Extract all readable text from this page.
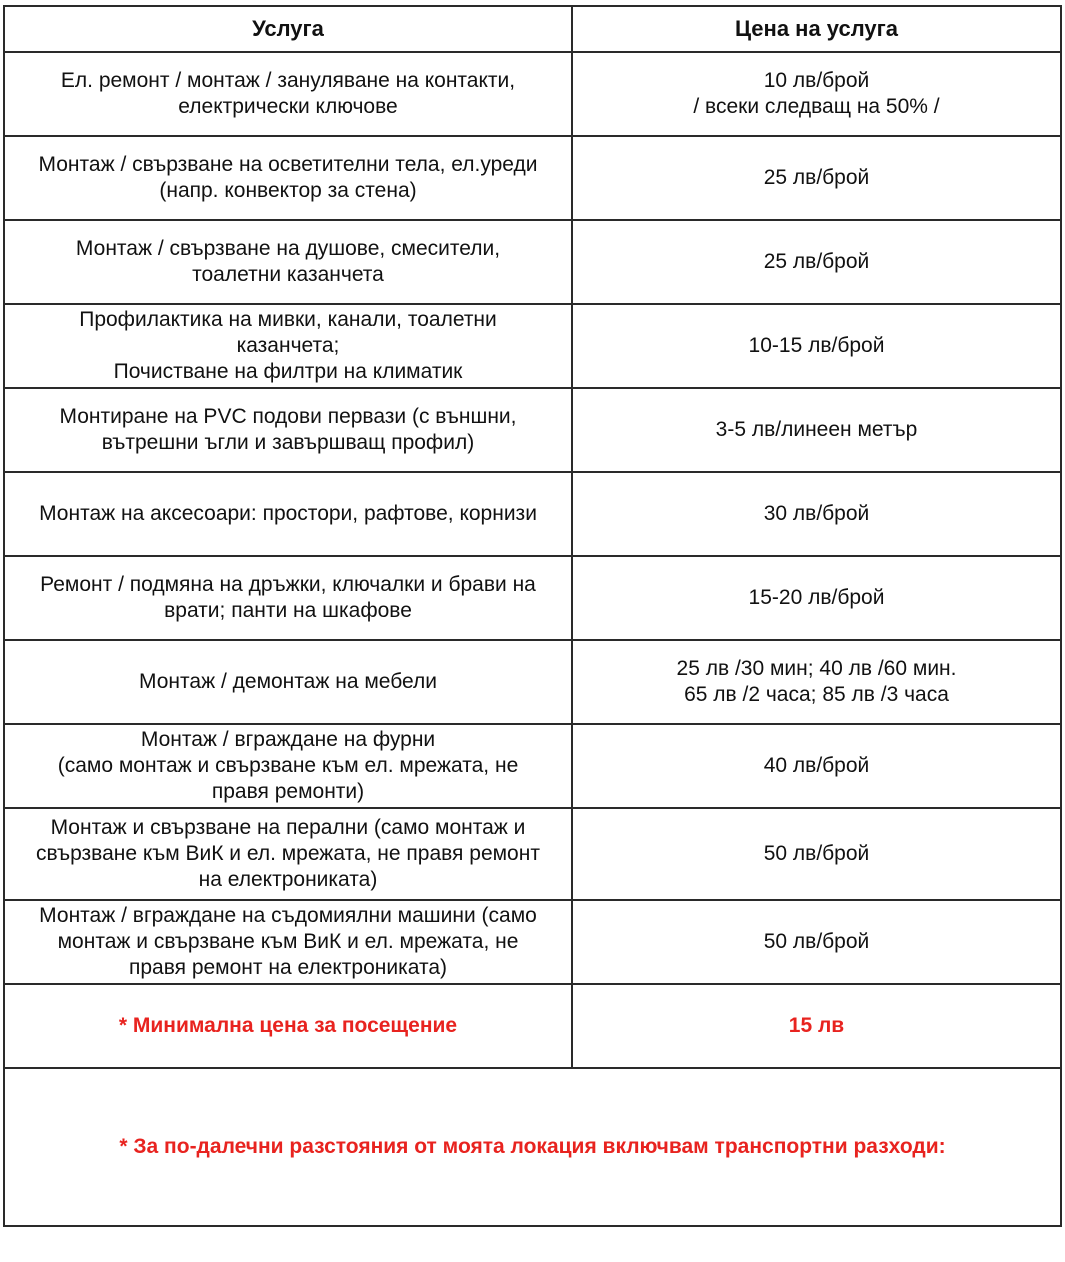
Услуга	Цена на услуга
Ел. ремонт / монтаж / зануляване на контакти,
електрически ключове	10 лв/брой
/ всеки следващ на 50% /
Монтаж / свързване на осветителни тела, ел.уреди
(напр. конвектор за стена)	25 лв/брой
Монтаж / свързване на душове, смесители,
тоалетни казанчета	25 лв/брой
Профилактика на мивки, канали, тоалетни
казанчета;
Почистване на филтри на климатик	10-15 лв/брой
Монтиране на PVC подови первази (с външни,
вътрешни ъгли и завършващ профил)	3-5 лв/линеен метър
Монтаж на аксесоари: простори, рафтове, корнизи	30 лв/брой
Ремонт / подмяна на дръжки, ключалки и брави на
врати; панти на шкафове	15-20 лв/брой
Монтаж / демонтаж на мебели	25 лв /30 мин; 40 лв /60 мин.
65 лв /2 часа; 85 лв /3 часа
Монтаж / вграждане на фурни
(само монтаж и свързване към ел. мрежата, не
правя ремонти)	40 лв/брой
Монтаж и свързване на перални (само монтаж и
свързване към ВиК и ел. мрежата, не правя ремонт
на електрониката)	50 лв/брой
Монтаж / вграждане на съдомиялни машини (само
монтаж и свързване към ВиК и ел. мрежата, не
правя ремонт на електрониката)	50 лв/брой
* Минимална цена за посещение	15 лв
* За по-далечни разстояния от моята локация включвам транспортни разходи:	
